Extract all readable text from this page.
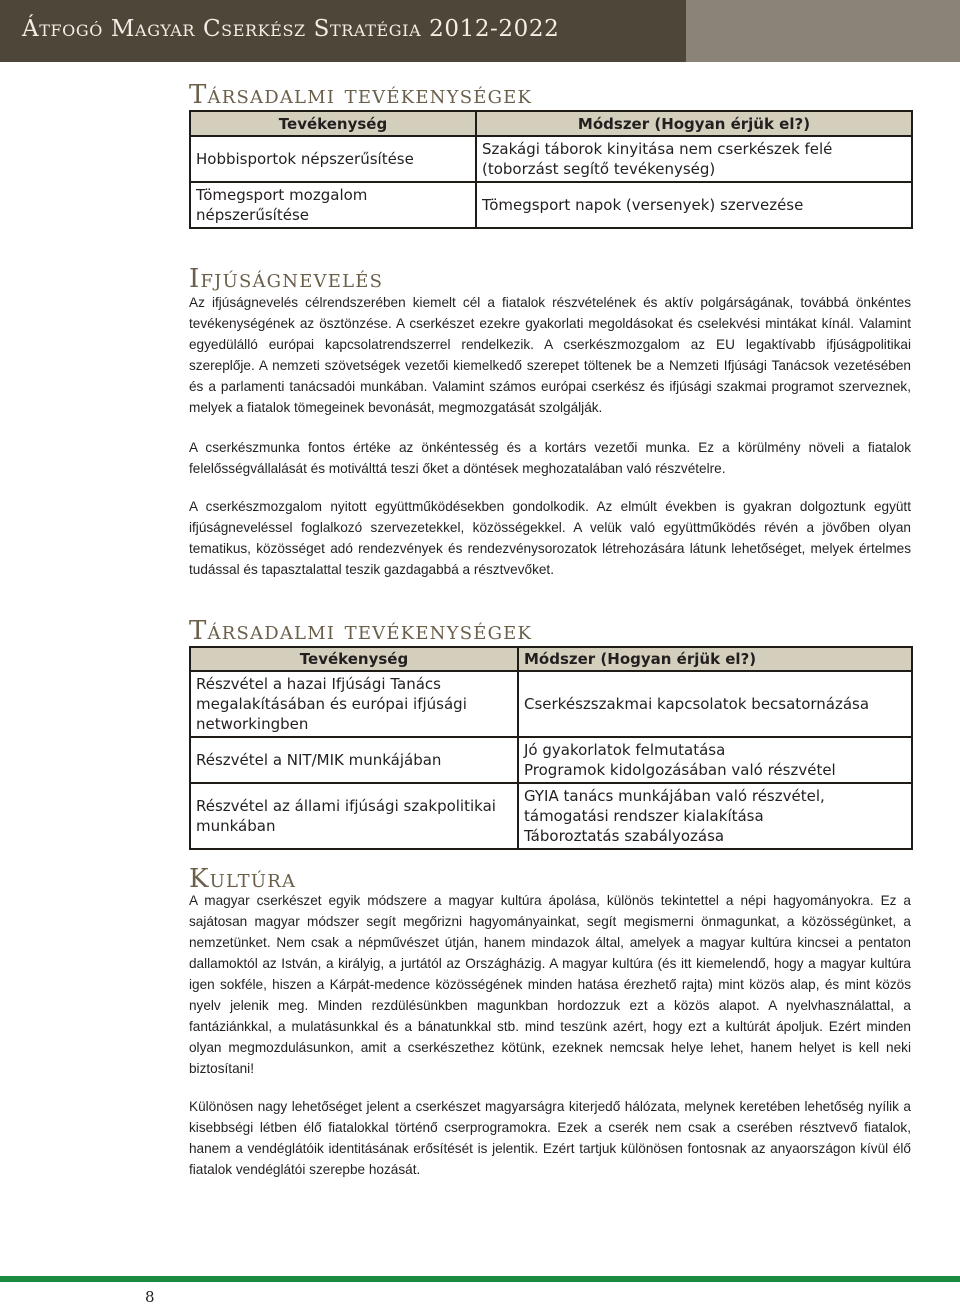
Átfogó Magyar Cserkész Stratégia 2012-2022
Társadalmi tevékenységek
Tevékenység	Módszer (Hogyan érjük el?)
Hobbisportok népszerűsítése	Szakági táborok kinyitása nem cserkészek felé (toborzást segítő tevékenység)
Tömegsport mozgalom népszerűsítése	Tömegsport napok (versenyek) szervezése
Ifjúságnevelés

Az ifjúságnevelés célrendszerében kiemelt cél a fiatalok részvételének és aktív polgárságának, továbbá önkéntes tevékenységének az ösztönzése. A cserkészet ezekre gyakorlati megoldásokat és cselekvési mintákat kínál. Valamint egyedülálló európai kapcsolatrendszerrel rendelkezik. A cserkészmozgalom az EU legaktívabb ifjúságpolitikai szereplője. A nemzeti szövetségek vezetői kiemelkedő szerepet töltenek be a Nemzeti Ifjúsági Tanácsok vezetésében és a parlamenti tanácsadói munkában. Valamint számos európai cserkész és ifjúsági szakmai programot szerveznek, melyek a fiatalok tömegeinek bevonását, megmozgatását szolgálják.

A cserkészmunka fontos értéke az önkéntesség és a kortárs vezetői munka. Ez a körülmény növeli a fiatalok felelősségvállalását és motiválttá teszi őket a döntések meghozatalában való részvételre.

A cserkészmozgalom nyitott együttműködésekben gondolkodik. Az elmúlt években is gyakran dolgoztunk együtt ifjúságneveléssel foglalkozó szervezetekkel, közösségekkel. A velük való együttműködés révén a jövőben olyan tematikus, közösséget adó rendezvények és rendezvénysorozatok létrehozására látunk lehetőséget, melyek értelmes tudással és tapasztalattal teszik gazdagabbá a résztvevőket.

Társadalmi tevékenységek
Tevékenység	Módszer (Hogyan érjük el?)
Részvétel a hazai Ifjúsági Tanács megalakításában és európai ifjúsági networkingben	Cserkészszakmai kapcsolatok becsatornázása

Részvétel a NIT/MIK munkájában	Jó gyakorlatok felmutatása
Programok kidolgozásában való részvétel

Részvétel az állami ifjúsági szakpolitikai munkában	GYIA tanács munkájában való részvétel, támogatási rendszer kialakítása
Táboroztatás szabályozása
Kultúra

A magyar cserkészet egyik módszere a magyar kultúra ápolása, különös tekintettel a népi hagyományokra. Ez a sajátosan magyar módszer segít megőrizni hagyományainkat, segít megismerni önmagunkat, a közösségünket, a nemzetünket. Nem csak a népművészet útján, hanem mindazok által, amelyek a magyar kultúra kincsei a pentaton dallamoktól az István, a királyig, a jurtától az Országházig. A magyar kultúra (és itt kiemelendő, hogy a magyar kultúra igen sokféle, hiszen a Kárpát-medence közösségének minden hatása érezhető rajta) mint közös alap, és mint közös nyelv jelenik meg. Minden rezdülésünkben magunkban hordozzuk ezt a közös alapot. A nyelvhasználattal, a fantáziánkkal, a mulatásunkkal és a bánatunkkal stb. mind teszünk azért, hogy ezt a kultúrát ápoljuk. Ezért minden olyan megmozdulásunkon, amit a cserkészethez kötünk, ezeknek nemcsak helye lehet, hanem helyet is kell neki biztosítani!

Különösen nagy lehetőséget jelent a cserkészet magyarságra kiterjedő hálózata, melynek keretében lehetőség nyílik a kisebbségi létben élő fiatalokkal történő cserprogramokra. Ezek a cserék nem csak a cserében résztvevő fiatalok, hanem a vendéglátóik identitásának erősítését is jelentik. Ezért tartjuk különösen fontosnak az anyaországon kívül élő fiatalok vendéglátói szerepbe hozását.

8
